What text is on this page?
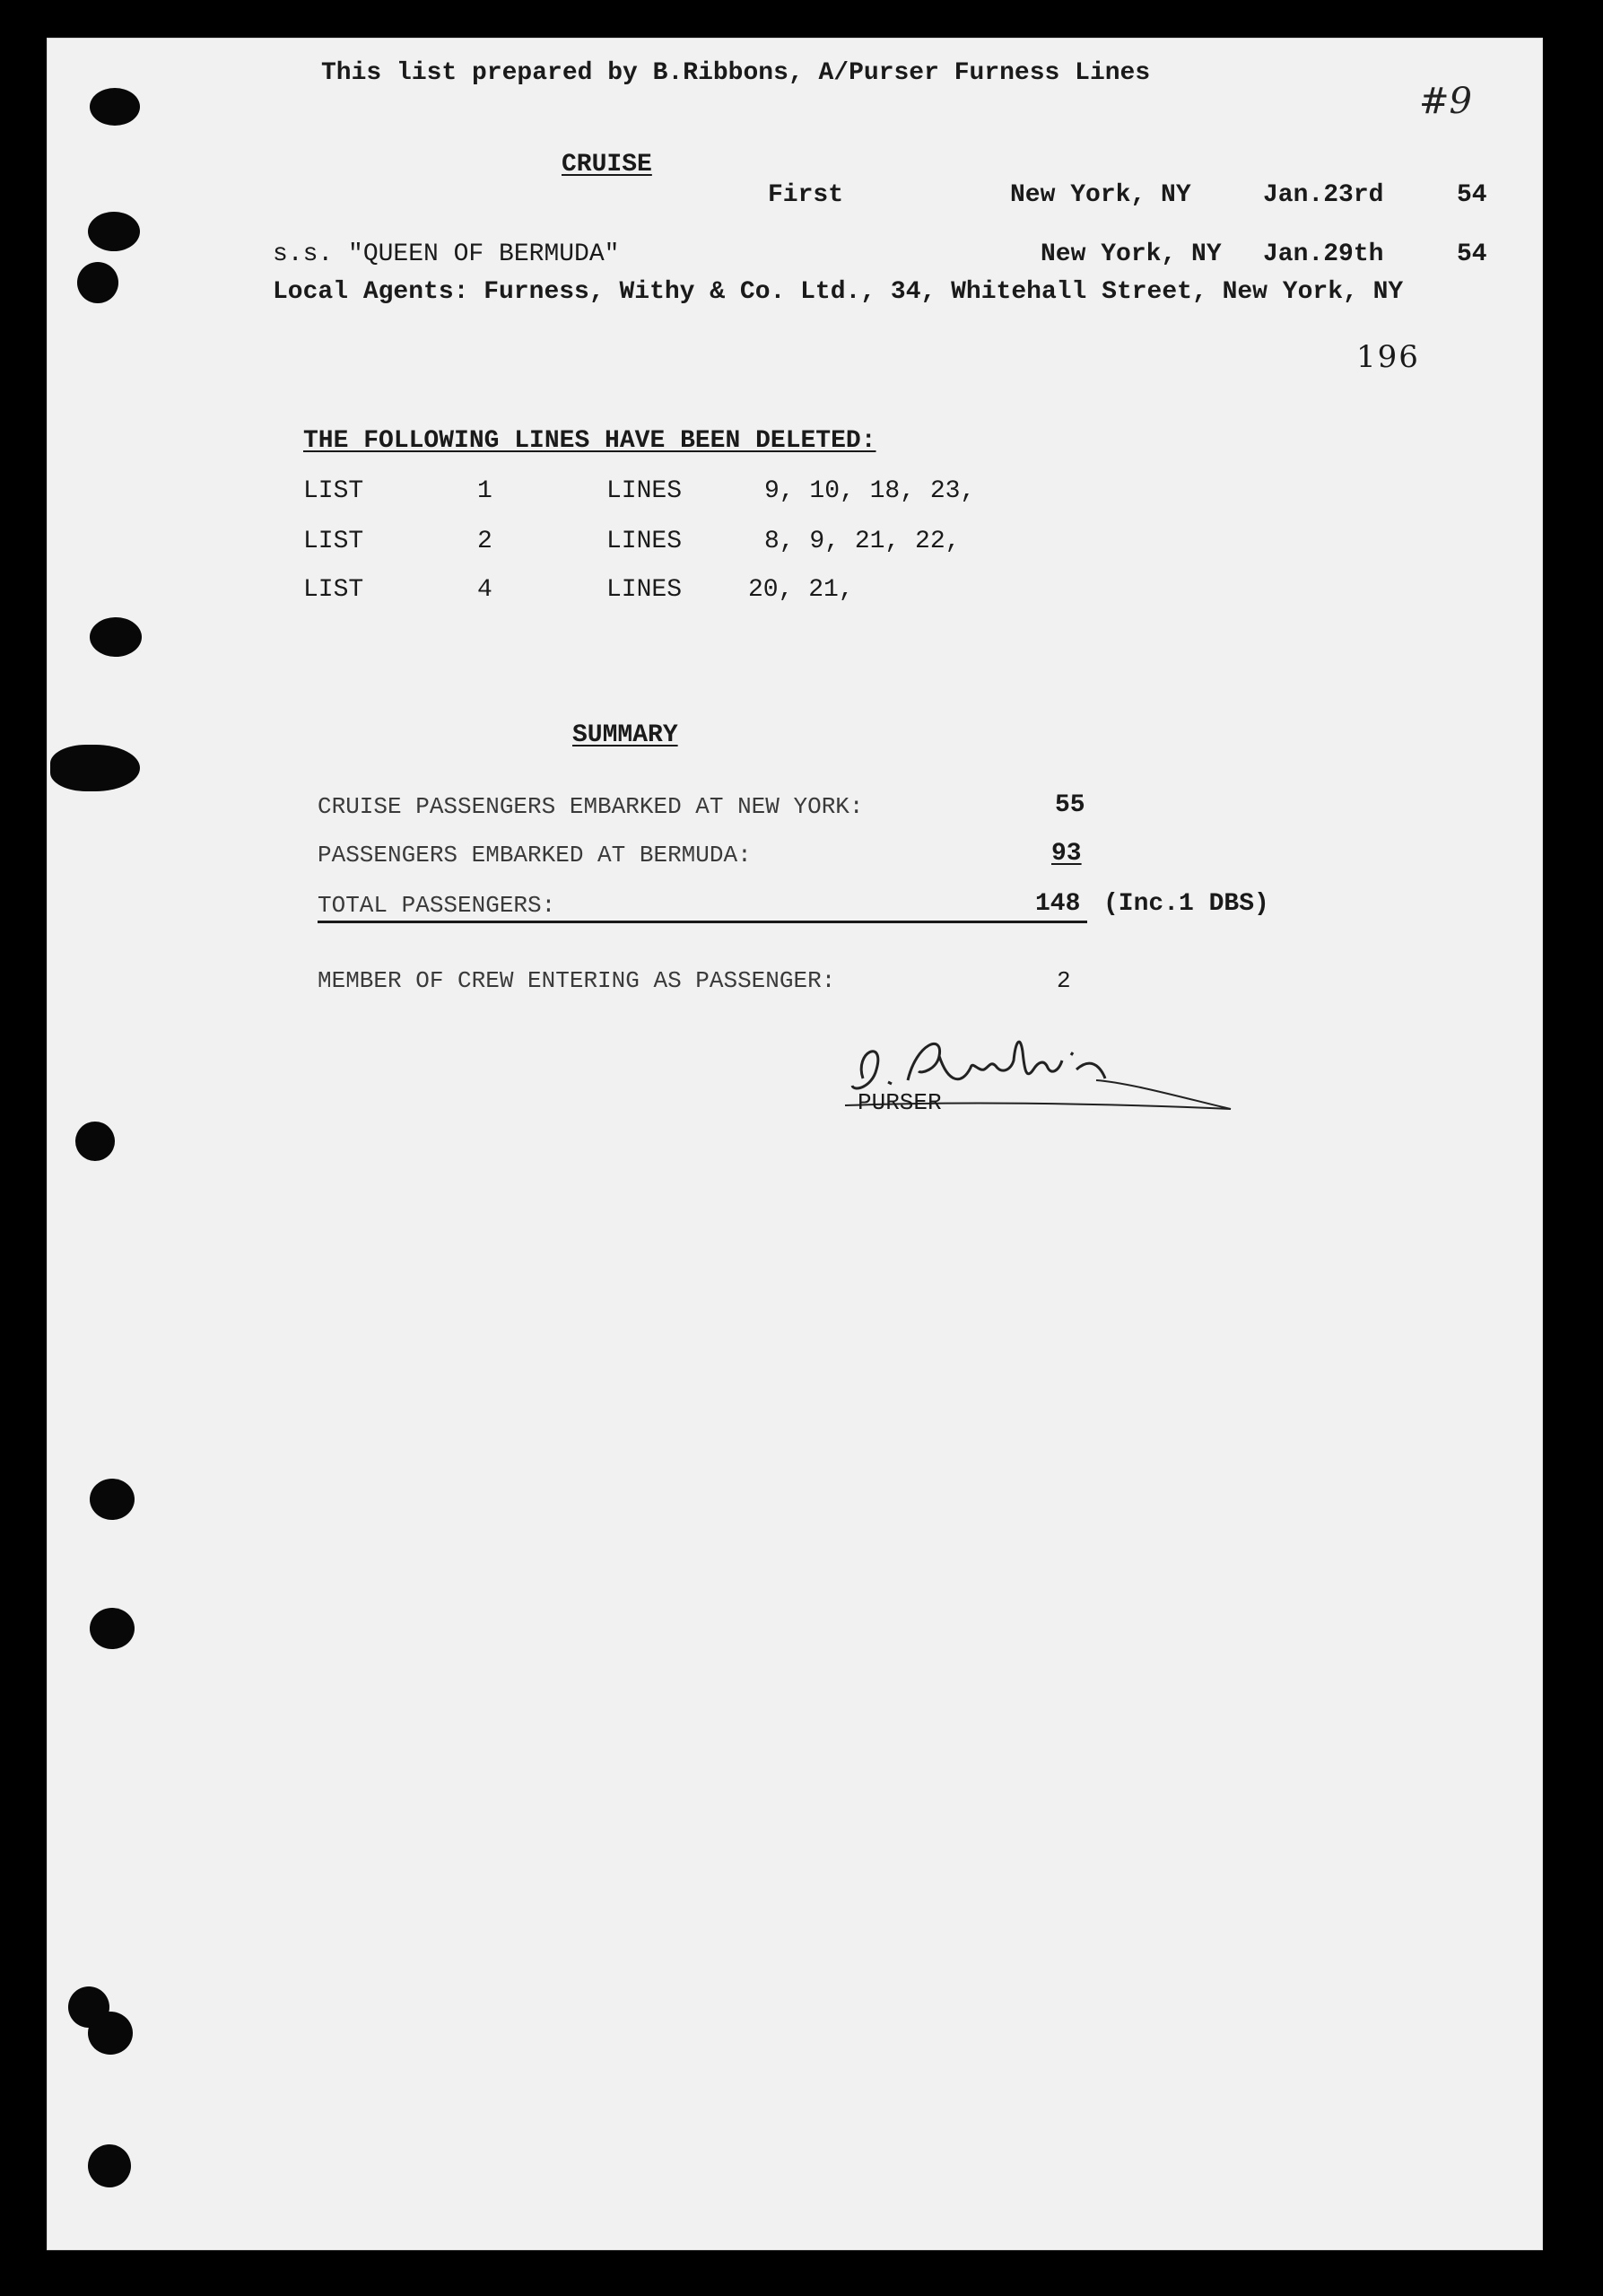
This list prepared by B.Ribbons, A/Purser Furness Lines
#9
CRUISE
First	New York, NY	Jan.23rd	54
s.s. "QUEEN OF BERMUDA"	New York, NY Jan.29th	54
Local Agents: Furness, Withy & Co. Ltd., 34, Whitehall Street, New York, NY
196
THE FOLLOWING LINES HAVE BEEN DELETED:
LIST	1	LINES	9, 10, 18, 23,
LIST	2	LINES	8, 9, 21, 22,
LIST	4	LINES	20, 21,
SUMMARY
CRUISE PASSENGERS EMBARKED AT NEW YORK:	55
PASSENGERS EMBARKED AT BERMUDA:	93
TOTAL PASSENGERS:	148 (Inc.1 DBS)
MEMBER OF CREW ENTERING AS PASSENGER:	2
PURSER
